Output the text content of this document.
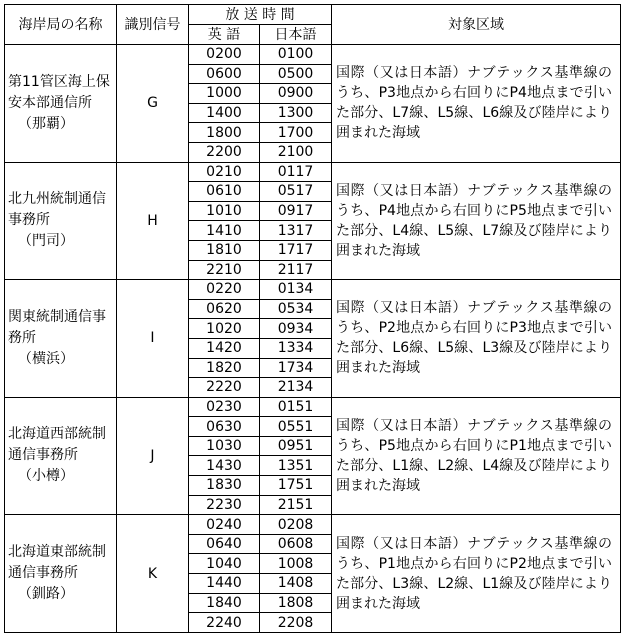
海岸局の名称	識別信号	放 送 時 間		対象区域
		英 語	日本語	

第11管区海上保安本部通信所
（那覇）	G	0200	0100	国際（又は日本語）ナブテックス基準線のうち、P3地点から右回りにP4地点まで引いた部分、L7線、L5線、L6線及び陸岸により囲まれた海域
		0600	0500	
		1000	0900	
		1400	1300	
		1800	1700	
		2200	2100	

北九州統制通信事務所
（門司）	H	0210	0117	国際（又は日本語）ナブテックス基準線のうち、P4地点から右回りにP5地点まで引いた部分、L4線、L5線、L7線及び陸岸により囲まれた海域
		0610	0517	
		1010	0917	
		1410	1317	
		1810	1717	
		2210	2117	

関東統制通信事務所
（横浜）	I	0220	0134	国際（又は日本語）ナブテックス基準線のうち、P2地点から右回りにP3地点まで引いた部分、L6線、L5線、L3線及び陸岸により囲まれた海域
		0620	0534	
		1020	0934	
		1420	1334	
		1820	1734	
		2220	2134	

北海道西部統制通信事務所
（小樽）	J	0230	0151	国際（又は日本語）ナブテックス基準線のうち、P5地点から右回りにP1地点まで引いた部分、L1線、L2線、L4線及び陸岸により囲まれた海域
		0630	0551	
		1030	0951	
		1430	1351	
		1830	1751	
		2230	2151	

北海道東部統制通信事務所
（釧路）	K	0240	0208	国際（又は日本語）ナブテックス基準線のうち、P1地点から右回りにP2地点まで引いた部分、L3線、L2線、L1線及び陸岸により囲まれた海域
		0640	0608	
		1040	1008	
		1440	1408	
		1840	1808	
		2240	2208	
